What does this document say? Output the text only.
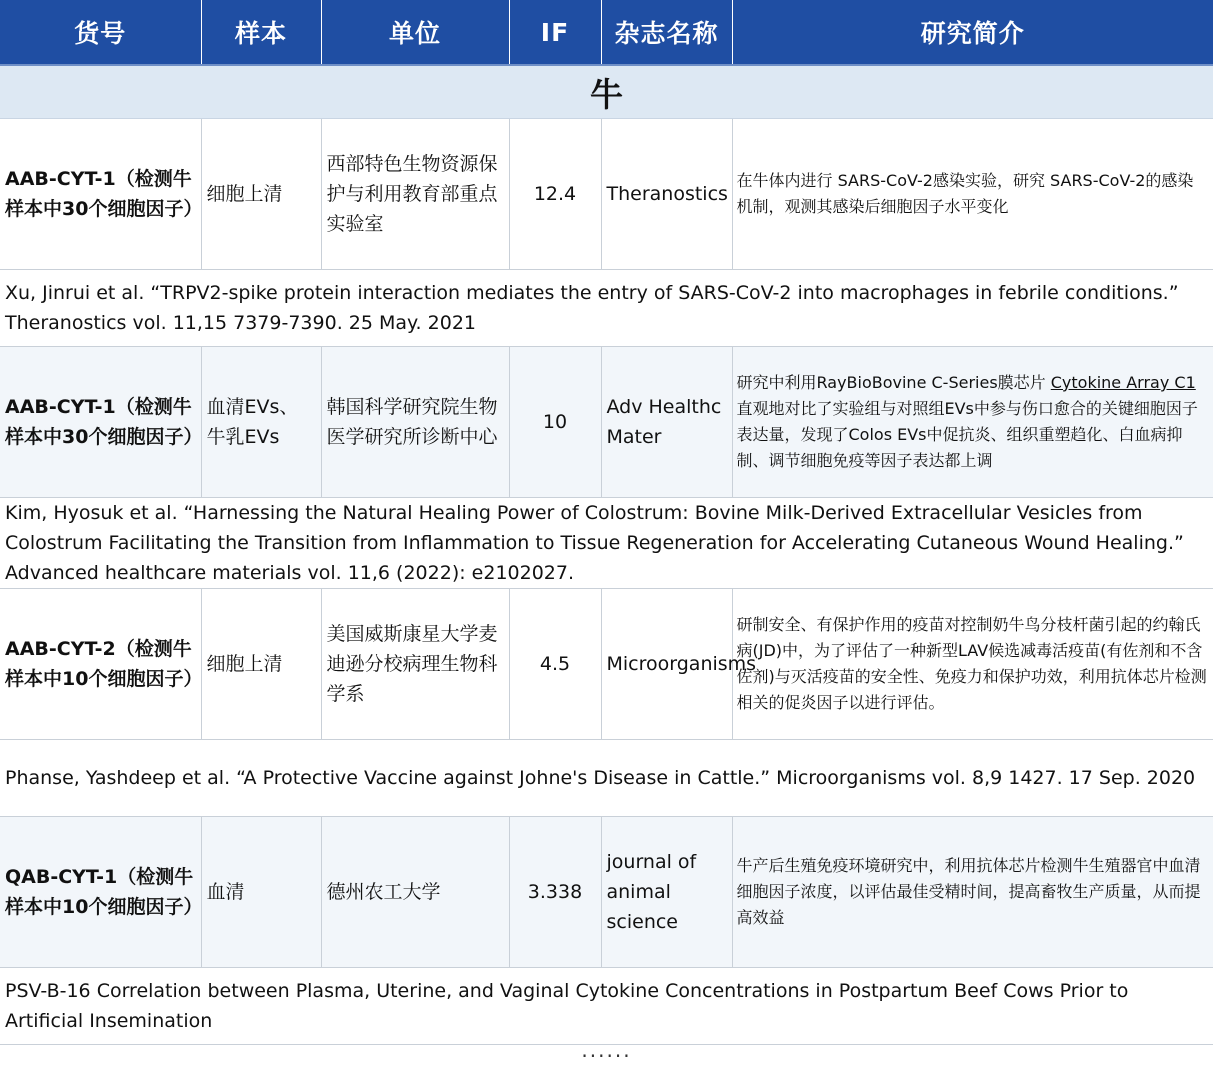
货号	样本	单位	IF	杂志名称	研究简介
牛					
AAB-CYT-1（检测牛样本中30个细胞因子）	细胞上清	西部特色生物资源保护与利用教育部重点实验室	12.4	Theranostics	在牛体内进行 SARS-CoV-2感染实验，研究 SARS-CoV-2的感染机制，观测其感染后细胞因子水平变化
Xu, Jinrui et al. “TRPV2-spike protein interaction mediates the entry of SARS-CoV-2 into macrophages in febrile conditions.” Theranostics vol. 11,15 7379-7390. 25 May. 2021					
AAB-CYT-1（检测牛样本中30个细胞因子）	血清EVs、牛乳EVs	韩国科学研究院生物医学研究所诊断中心	10	Adv Healthc Mater	研究中利用RayBioBovine C-Series膜芯片 Cytokine Array C1直观地对比了实验组与对照组EVs中参与伤口愈合的关键细胞因子表达量，发现了Colos EVs中促抗炎、组织重塑趋化、白血病抑制、调节细胞免疫等因子表达都上调
Kim, Hyosuk et al. “Harnessing the Natural Healing Power of Colostrum: Bovine Milk-Derived Extracellular Vesicles from Colostrum Facilitating the Transition from Inflammation to Tissue Regeneration for Accelerating Cutaneous Wound Healing.” Advanced healthcare materials vol. 11,6 (2022): e2102027.					
AAB-CYT-2（检测牛样本中10个细胞因子）	细胞上清	美国威斯康星大学麦迪逊分校病理生物科学系	4.5	Microorganisms	研制安全、有保护作用的疫苗对控制奶牛鸟分枝杆菌引起的约翰氏病(JD)中，为了评估了一种新型LAV候选减毒活疫苗(有佐剂和不含佐剂)与灭活疫苗的安全性、免疫力和保护功效，利用抗体芯片检测相关的促炎因子以进行评估。
Phanse, Yashdeep et al. “A Protective Vaccine against Johne's Disease in Cattle.” Microorganisms vol. 8,9 1427. 17 Sep. 2020					
QAB-CYT-1（检测牛样本中10个细胞因子）	血清	德州农工大学	3.338	journal of animal science	牛产后生殖免疫环境研究中，利用抗体芯片检测牛生殖器官中血清细胞因子浓度，以评估最佳受精时间，提高畜牧生产质量，从而提高效益
PSV-B-16 Correlation between Plasma, Uterine, and Vaginal Cytokine Concentrations in Postpartum Beef Cows Prior to Artificial Insemination					
......
